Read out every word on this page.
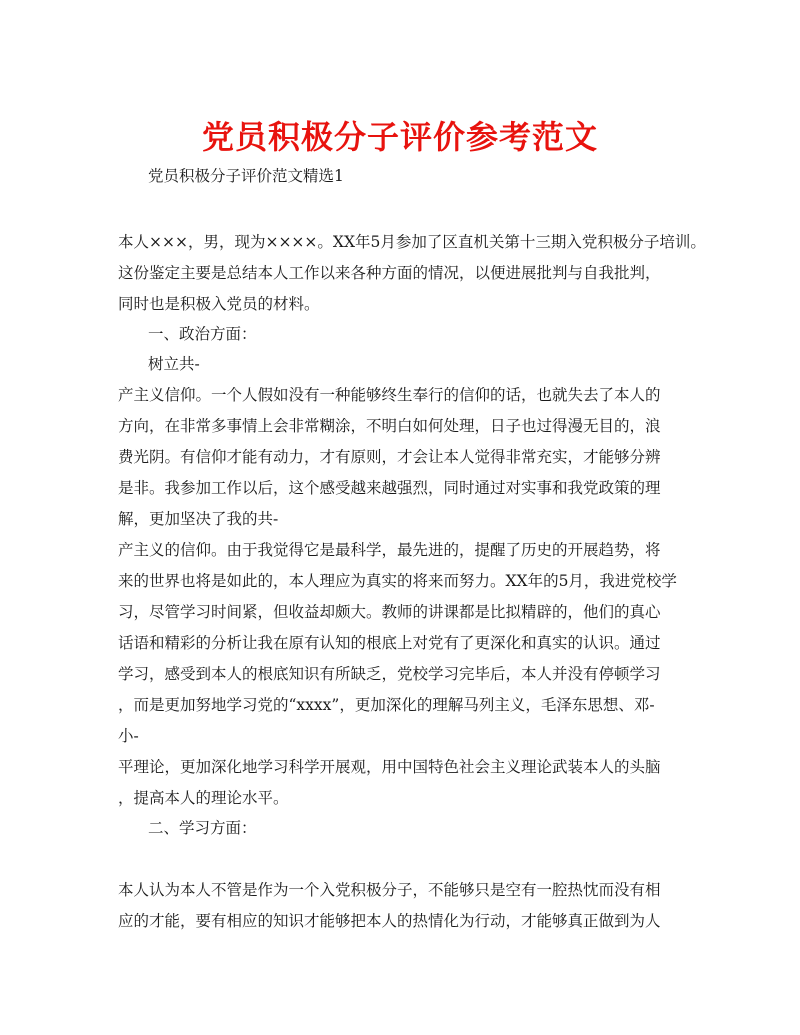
党员积极分子评价参考范文

党员积极分子评价范文精选1

本人×××，男，现为××××。XX年5月参加了区直机关第十三期入党积极分子培训。

这份鉴定主要是总结本人工作以来各种方面的情况，以便进展批判与自我批判，

同时也是积极入党员的材料。

一、政治方面：

树立共-

产主义信仰。一个人假如没有一种能够终生奉行的信仰的话，也就失去了本人的

方向，在非常多事情上会非常糊涂，不明白如何处理，日子也过得漫无目的，浪

费光阴。有信仰才能有动力，才有原则，才会让本人觉得非常充实，才能够分辨

是非。我参加工作以后，这个感受越来越强烈，同时通过对实事和我党政策的理

解，更加坚决了我的共-

产主义的信仰。由于我觉得它是最科学，最先进的，提醒了历史的开展趋势，将

来的世界也将是如此的，本人理应为真实的将来而努力。XX年的5月，我进党校学

习，尽管学习时间紧，但收益却颇大。教师的讲课都是比拟精辟的，他们的真心

话语和精彩的分析让我在原有认知的根底上对党有了更深化和真实的认识。通过

学习，感受到本人的根底知识有所缺乏，党校学习完毕后，本人并没有停顿学习

，而是更加努地学习党的“xxxx”，更加深化的理解马列主义，毛泽东思想、邓-

小-

平理论，更加深化地学习科学开展观，用中国特色社会主义理论武装本人的头脑

，提高本人的理论水平。

二、学习方面：

本人认为本人不管是作为一个入党积极分子，不能够只是空有一腔热忱而没有相

应的才能，要有相应的知识才能够把本人的热情化为行动，才能够真正做到为人
